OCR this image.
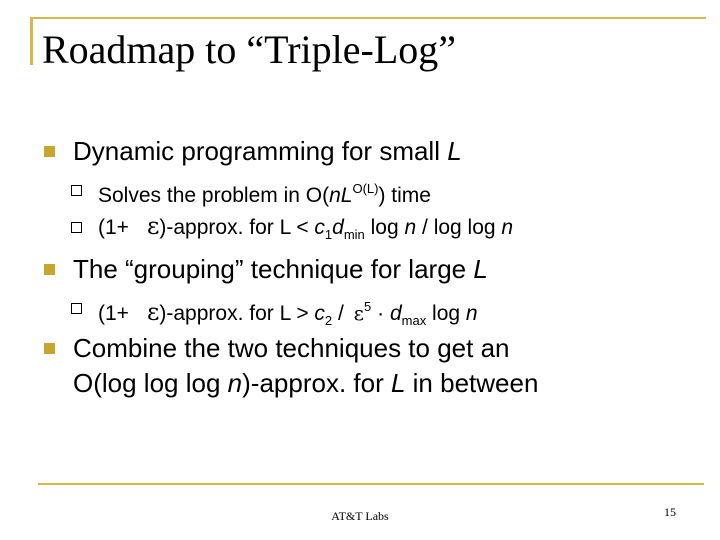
Roadmap to “Triple-Log”
Dynamic programming for small L
Solves the problem in $O(nL^{O(L)})$ time
(1+ ε)-approx. for $L < c_1d_{min}$ log n / log log n
The “grouping” technique for large L
(1+ ε)-approx. for $L > c_2 / \varepsilon^5 \cdot d_{max}$ log n
Combine the two techniques to get an
O(log log log n)-approx. for L in between
AT&T Labs	15
